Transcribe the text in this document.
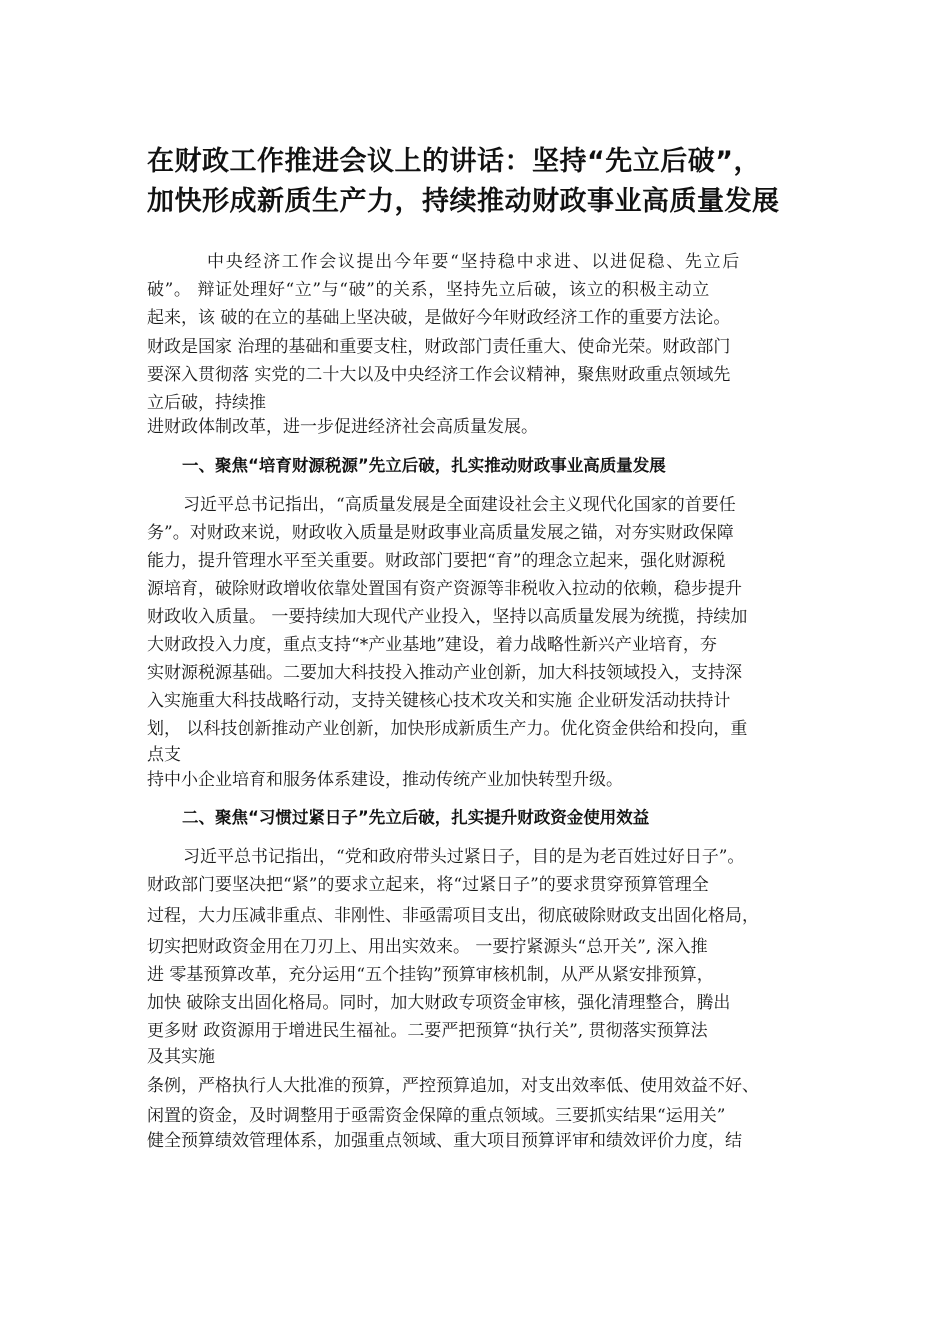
在财政工作推进会议上的讲话：坚持“先立后破”，
加快形成新质生产力，持续推动财政事业高质量发展
中央经济工作会议提出今年要“坚持稳中求进、以进促稳、先立后
破”。 辩证处理好“立”与“破”的关系，坚持先立后破，该立的积极主动立
起来，该 破的在立的基础上坚决破，是做好今年财政经济工作的重要方法论。
财政是国家 治理的基础和重要支柱，财政部门责任重大、使命光荣。财政部门
要深入贯彻落 实党的二十大以及中央经济工作会议精神，聚焦财政重点领域先
立后破，持续推
进财政体制改革，进一步促进经济社会高质量发展。
一、聚焦“培育财源税源”先立后破，扎实推动财政事业高质量发展
习近平总书记指出，“高质量发展是全面建设社会主义现代化国家的首要任
务”。对财政来说，财政收入质量是财政事业高质量发展之锚，对夯实财政保障
能力，提升管理水平至关重要。财政部门要把“育”的理念立起来，强化财源税
源培育，破除财政增收依靠处置国有资产资源等非税收入拉动的依赖，稳步提升
财政收入质量。 一要持续加大现代产业投入，坚持以高质量发展为统揽，持续加
大财政投入力度，重点支持“*产业基地”建设，着力战略性新兴产业培育，夯
实财源税源基础。二要加大科技投入推动产业创新，加大科技领域投入，支持深
入实施重大科技战略行动，支持关键核心技术攻关和实施 企业研发活动扶持计
划， 以科技创新推动产业创新，加快形成新质生产力。优化资金供给和投向，重
点支
持中小企业培育和服务体系建设，推动传统产业加快转型升级。
二、聚焦“习惯过紧日子”先立后破，扎实提升财政资金使用效益
习近平总书记指出，“党和政府带头过紧日子，目的是为老百姓过好日子”。
财政部门要坚决把“紧”的要求立起来，将“过紧日子”的要求贯穿预算管理全
过程，大力压减非重点、非刚性、非亟需项目支出，彻底破除财政支出固化格局，
切实把财政资金用在刀刃上、用出实效来。 一要拧紧源头“总开关”, 深入推
进 零基预算改革，充分运用“五个挂钩”预算审核机制，从严从紧安排预算，
加快 破除支出固化格局。同时，加大财政专项资金审核，强化清理整合，腾出
更多财 政资源用于增进民生福祉。二要严把预算“执行关”, 贯彻落实预算法
及其实施
条例，严格执行人大批准的预算，严控预算追加，对支出效率低、使用效益不好、
闲置的资金，及时调整用于亟需资金保障的重点领域。三要抓实结果“运用关”
健全预算绩效管理体系，加强重点领域、重大项目预算评审和绩效评价力度，结
